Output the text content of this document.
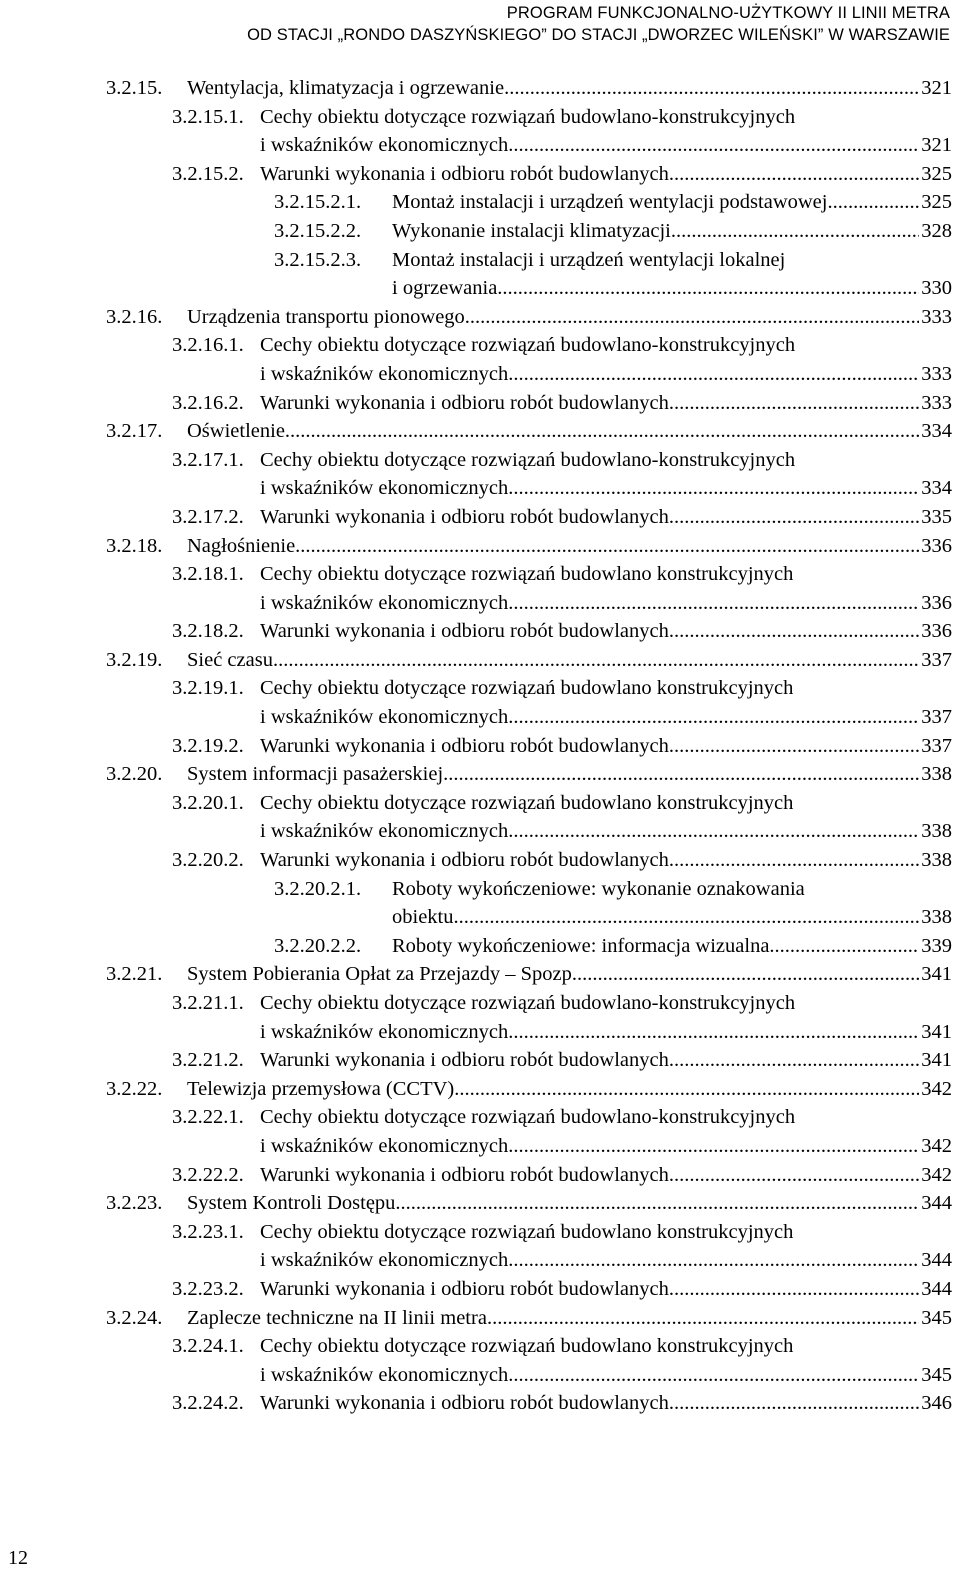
PROGRAM FUNKCJONALNO-UŻYTKOWY II LINII METRA
OD STACJI „RONDO DASZYŃSKIEGO” DO STACJI „DWORZEC WILEŃSKI” W WARSZAWIE
3.2.15.	Wentylacja, klimatyzacja i ogrzewanie .....	321
3.2.15.1. Cechy obiektu dotyczące rozwiązań budowlano-konstrukcyjnych
i wskaźników ekonomicznych .....	321
3.2.15.2. Warunki wykonania i odbioru robót budowlanych .....	325
3.2.15.2.1.	Montaż instalacji i urządzeń wentylacji podstawowej .....	325
3.2.15.2.2.	Wykonanie instalacji klimatyzacji .....	328
3.2.15.2.3.	Montaż instalacji i urządzeń wentylacji lokalnej
i ogrzewania .....	330
3.2.16.	Urządzenia transportu pionowego .....	333
3.2.16.1. Cechy obiektu dotyczące rozwiązań budowlano-konstrukcyjnych
i wskaźników ekonomicznych .....	333
3.2.16.2. Warunki wykonania i odbioru robót budowlanych .....	333
3.2.17.	Oświetlenie .....	334
3.2.17.1. Cechy obiektu dotyczące rozwiązań budowlano-konstrukcyjnych
i wskaźników ekonomicznych .....	334
3.2.17.2. Warunki wykonania i odbioru robót budowlanych .....	335
3.2.18.	Nagłośnienie .....	336
3.2.18.1. Cechy obiektu dotyczące rozwiązań budowlano konstrukcyjnych
i wskaźników ekonomicznych .....	336
3.2.18.2. Warunki wykonania i odbioru robót budowlanych .....	336
3.2.19.	Sieć czasu .....	337
3.2.19.1. Cechy obiektu dotyczące rozwiązań budowlano konstrukcyjnych
i wskaźników ekonomicznych .....	337
3.2.19.2. Warunki wykonania i odbioru robót budowlanych .....	337
3.2.20.	System informacji pasażerskiej .....	338
3.2.20.1. Cechy obiektu dotyczące rozwiązań budowlano konstrukcyjnych
i wskaźników ekonomicznych .....	338
3.2.20.2. Warunki wykonania i odbioru robót budowlanych .....	338
3.2.20.2.1.	Roboty wykończeniowe: wykonanie oznakowania
obiektu .....	338
3.2.20.2.2.	Roboty wykończeniowe: informacja wizualna .....	339
3.2.21.	System Pobierania Opłat za Przejazdy – Spozp .....	341
3.2.21.1. Cechy obiektu dotyczące rozwiązań budowlano-konstrukcyjnych
i wskaźników ekonomicznych .....	341
3.2.21.2. Warunki wykonania i odbioru robót budowlanych .....	341
3.2.22.	Telewizja przemysłowa (CCTV) .....	342
3.2.22.1. Cechy obiektu dotyczące rozwiązań budowlano-konstrukcyjnych
i wskaźników ekonomicznych .....	342
3.2.22.2. Warunki wykonania i odbioru robót budowlanych .....	342
3.2.23.	System Kontroli Dostępu .....	344
3.2.23.1. Cechy obiektu dotyczące rozwiązań budowlano konstrukcyjnych
i wskaźników ekonomicznych .....	344
3.2.23.2. Warunki wykonania i odbioru robót budowlanych .....	344
3.2.24.	Zaplecze techniczne na II linii metra .....	345
3.2.24.1. Cechy obiektu dotyczące rozwiązań budowlano konstrukcyjnych
i wskaźników ekonomicznych .....	345
3.2.24.2. Warunki wykonania i odbioru robót budowlanych .....	346
12
